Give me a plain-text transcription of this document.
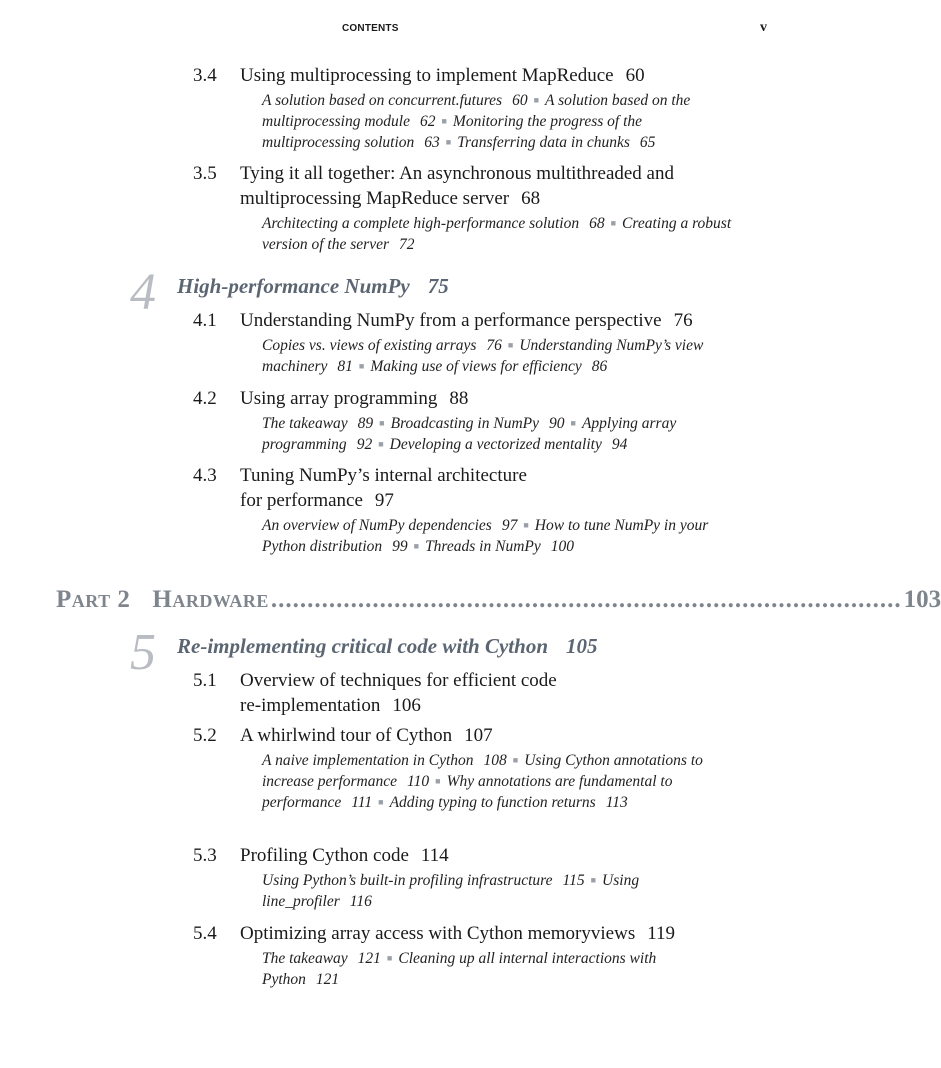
CONTENTS	v
3.4 Using multiprocessing to implement MapReduce 60
A solution based on concurrent.futures 60 ■ A solution based on the multiprocessing module 62 ■ Monitoring the progress of the multiprocessing solution 63 ■ Transferring data in chunks 65
3.5 Tying it all together: An asynchronous multithreaded and
multiprocessing MapReduce server 68
Architecting a complete high-performance solution 68 ■ Creating a robust version of the server 72
4 High-performance NumPy 75
4.1 Understanding NumPy from a performance perspective 76
Copies vs. views of existing arrays 76 ■ Understanding NumPy’s view machinery 81 ■ Making use of views for efficiency 86
4.2 Using array programming 88
The takeaway 89 ■ Broadcasting in NumPy 90 ■ Applying array programming 92 ■ Developing a vectorized mentality 94
4.3 Tuning NumPy’s internal architecture
for performance 97
An overview of NumPy dependencies 97 ■ How to tune NumPy in your Python distribution 99 ■ Threads in NumPy 100
Part 2 Hardware ....................................................................................... 103
5 Re-implementing critical code with Cython 105
5.1 Overview of techniques for efficient code
re-implementation 106
5.2 A whirlwind tour of Cython 107
A naive implementation in Cython 108 ■ Using Cython annotations to increase performance 110 ■ Why annotations are fundamental to performance 111 ■ Adding typing to function returns 113
5.3 Profiling Cython code 114
Using Python’s built-in profiling infrastructure 115 ■ Using line_profiler 116
5.4 Optimizing array access with Cython memoryviews 119
The takeaway 121 ■ Cleaning up all internal interactions with Python 121
